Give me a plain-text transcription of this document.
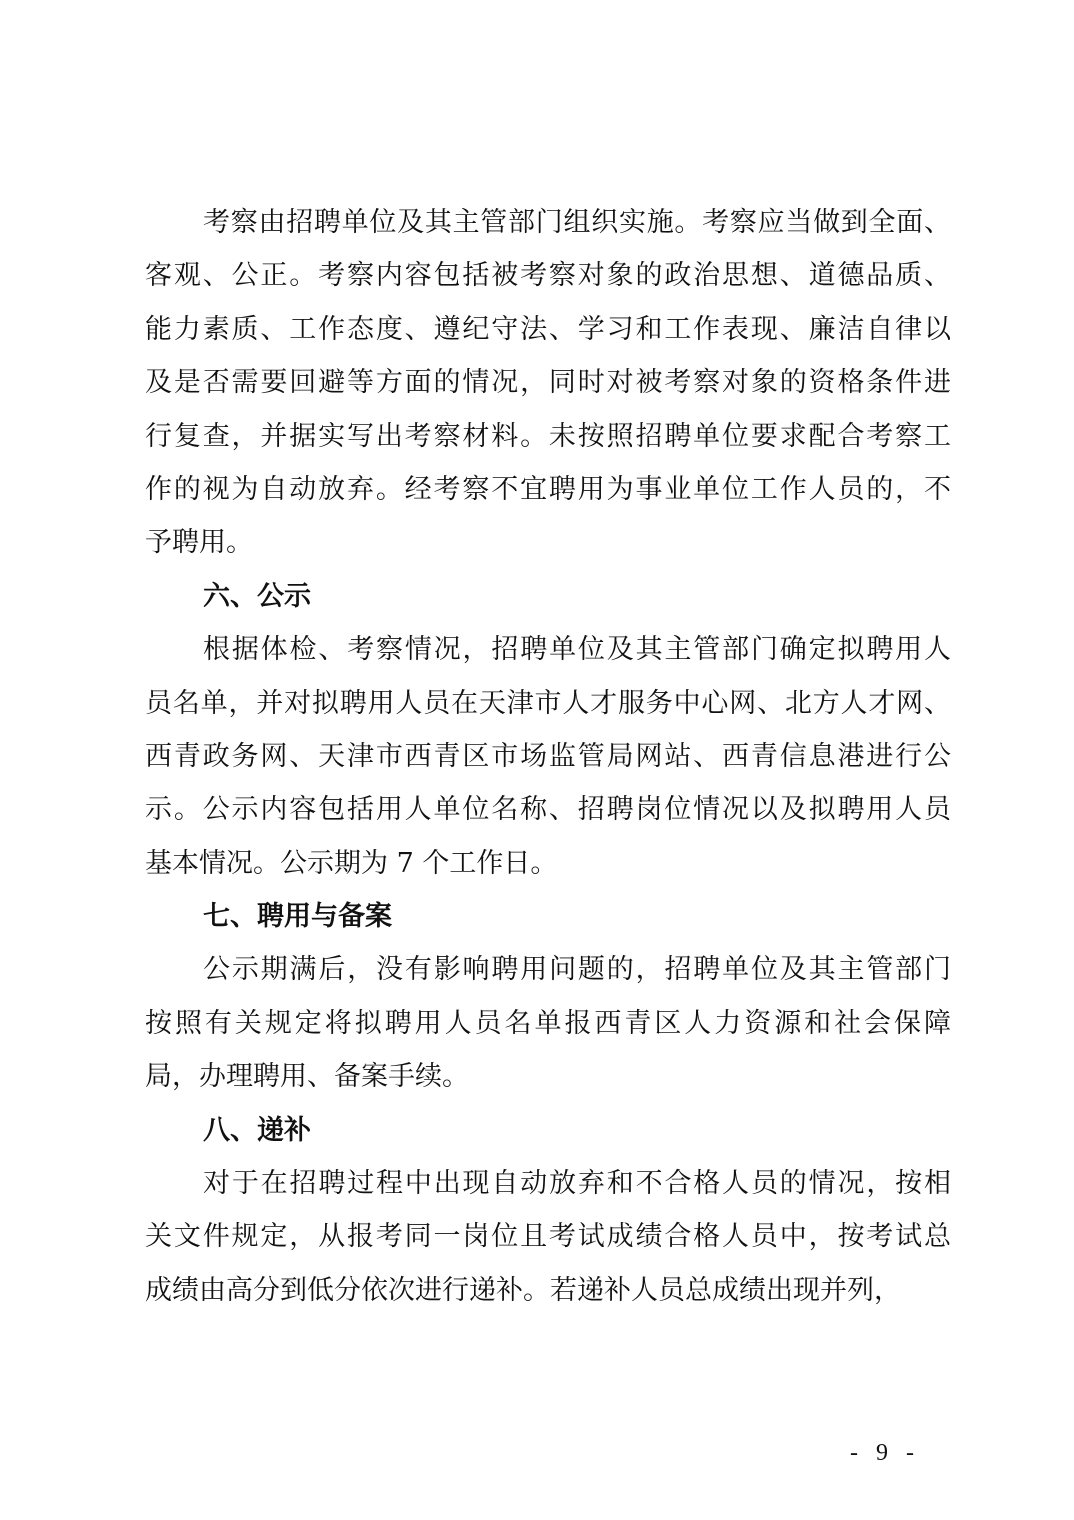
考察由招聘单位及其主管部门组织实施。考察应当做到全面、
客观、公正。考察内容包括被考察对象的政治思想、道德品质、
能力素质、工作态度、遵纪守法、学习和工作表现、廉洁自律以
及是否需要回避等方面的情况，同时对被考察对象的资格条件进
行复查，并据实写出考察材料。未按照招聘单位要求配合考察工
作的视为自动放弃。经考察不宜聘用为事业单位工作人员的，不
予聘用。
六、公示
根据体检、考察情况，招聘单位及其主管部门确定拟聘用人
员名单，并对拟聘用人员在天津市人才服务中心网、北方人才网、
西青政务网、天津市西青区市场监管局网站、西青信息港进行公
示。公示内容包括用人单位名称、招聘岗位情况以及拟聘用人员
基本情况。公示期为 7 个工作日。
七、聘用与备案
公示期满后，没有影响聘用问题的，招聘单位及其主管部门
按照有关规定将拟聘用人员名单报西青区人力资源和社会保障
局，办理聘用、备案手续。
八、递补
对于在招聘过程中出现自动放弃和不合格人员的情况，按相
关文件规定，从报考同一岗位且考试成绩合格人员中，按考试总
成绩由高分到低分依次进行递补。若递补人员总成绩出现并列，
- 9 -
